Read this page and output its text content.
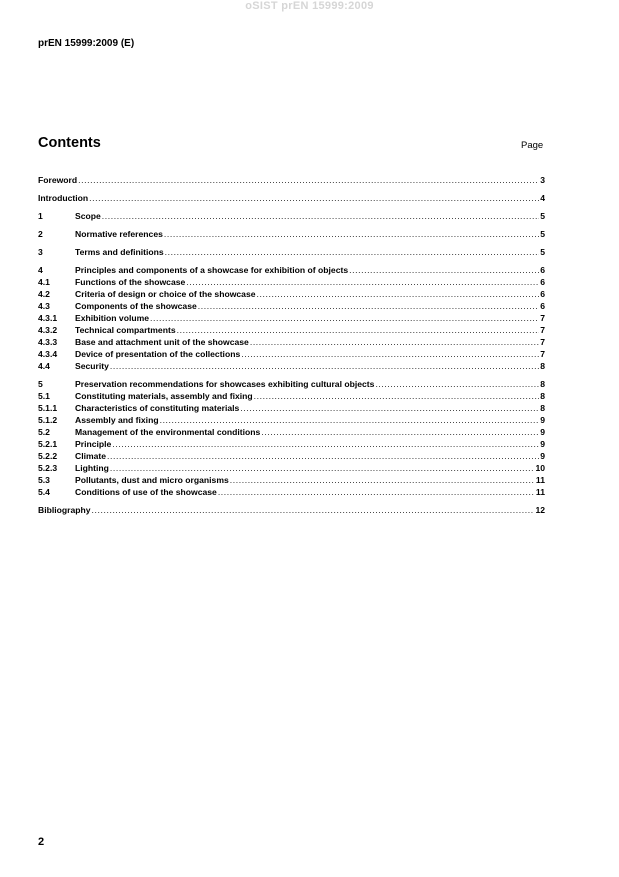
oSIST prEN 15999:2009
prEN 15999:2009 (E)
Contents	Page
Foreword .....	3
Introduction .....	4
1	Scope .....	5
2	Normative references .....	5
3	Terms and definitions .....	5
4	Principles and components of a showcase for exhibition of objects .....	6
4.1	Functions of the showcase .....	6
4.2	Criteria of design or choice of the showcase .....	6
4.3	Components of the showcase .....	6
4.3.1	Exhibition volume .....	7
4.3.2	Technical compartments .....	7
4.3.3	Base and attachment unit of the showcase .....	7
4.3.4	Device of presentation of the collections .....	7
4.4	Security .....	8
5	Preservation recommendations for showcases exhibiting cultural objects .....	8
5.1	Constituting materials, assembly and fixing .....	8
5.1.1	Characteristics of constituting materials .....	8
5.1.2	Assembly and fixing .....	9
5.2	Management of the environmental conditions .....	9
5.2.1	Principle .....	9
5.2.2	Climate .....	9
5.2.3	Lighting .....	10
5.3	Pollutants, dust and micro organisms .....	11
5.4	Conditions of use of the showcase .....	11
Bibliography .....	12
2
